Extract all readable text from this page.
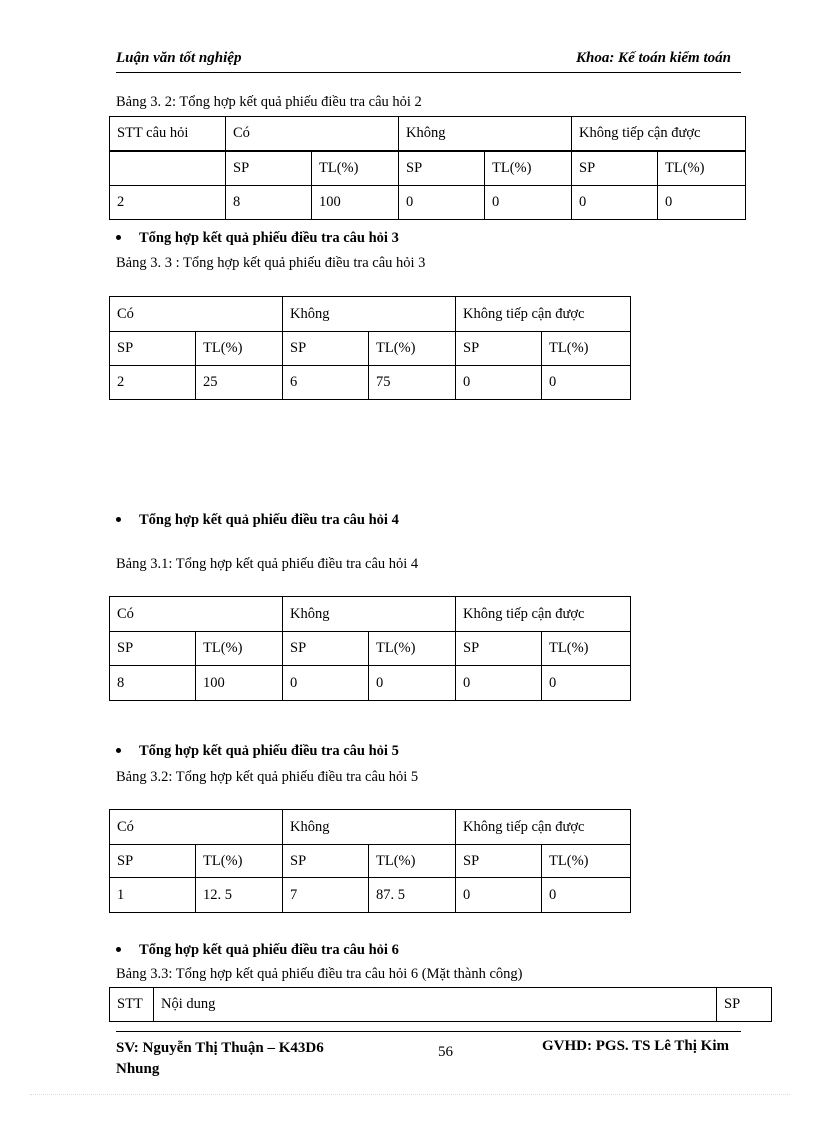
Luận văn tốt nghiệp	Khoa: Kế toán kiểm toán
Bảng 3. 2: Tổng hợp kết quả phiếu điều tra câu hỏi 2
STT câu hỏi	Có		Không		Không tiếp cận được	
	SP	TL(%)	SP	TL(%)	SP	TL(%)
2	8	100	0	0	0	0
Tổng hợp kết quả phiếu điều tra câu hỏi 3
Bảng 3. 3 : Tổng hợp kết quả phiếu điều tra câu hỏi 3
Có		Không		Không tiếp cận được	
SP	TL(%)	SP	TL(%)	SP	TL(%)
2	25	6	75	0	0
Tổng hợp kết quả phiếu điều tra câu hỏi 4
Bảng 3.1: Tổng hợp kết quả phiếu điều tra câu hỏi 4
Có		Không		Không tiếp cận được	
SP	TL(%)	SP	TL(%)	SP	TL(%)
8	100	0	0	0	0
Tổng hợp kết quả phiếu điều tra câu hỏi 5
Bảng 3.2: Tổng hợp kết quả phiếu điều tra câu hỏi 5
Có		Không		Không tiếp cận được	
SP	TL(%)	SP	TL(%)	SP	TL(%)
1	12. 5	7	87. 5	0	0
Tổng hợp kết quả phiếu điều tra câu hỏi 6
Bảng 3.3: Tổng hợp kết quả phiếu điều tra câu hỏi 6 (Mặt thành công)
STT	Nội dung	SP
SV: Nguyễn Thị Thuận – K43D6
Nhung
56	GVHD: PGS. TS Lê Thị Kim
